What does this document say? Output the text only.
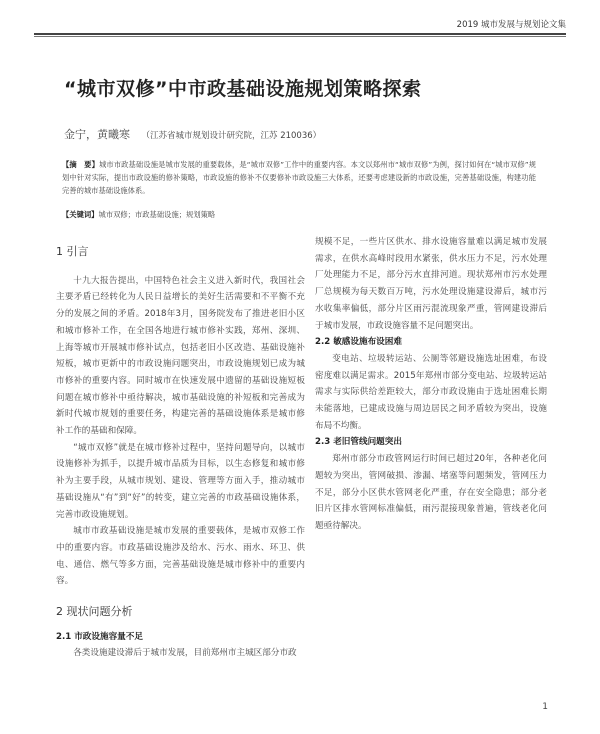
2019 城市发展与规划论文集
“城市双修”中市政基础设施规划策略探索
金宁，黄曦寒 （江苏省城市规划设计研究院，江苏 210036）
【摘　要】城市市政基础设施是城市发展的重要载体，是“城市双修”工作中的重要内容。本文以郑州市“城市双修”为例，探讨如何在“城市双修”规划中针对实际，提出市政设施的修补策略，市政设施的修补不仅要修补市政设施三大体系，还要考虑建设新的市政设施，完善基础设施，构建功能完善的城市基础设施体系。
【关键词】城市双修；市政基础设施；规划策略
1 引言

十九大报告提出，中国特色社会主义进入新时代，我国社会主要矛盾已经转化为人民日益增长的美好生活需要和不平衡不充分的发展之间的矛盾。2018年3月，国务院发布了推进老旧小区和城市修补工作，在全国各地进行城市修补实践，郑州、深圳、上海等城市开展城市修补试点，包括老旧小区改造、基础设施补短板，城市更新中的市政设施问题突出，市政设施规划已成为城市修补的重要内容。同时城市在快速发展中遗留的基础设施短板问题在城市修补中亟待解决，城市基础设施的补短板和完善成为新时代城市规划的重要任务，构建完善的基础设施体系是城市修补工作的基础和保障。

“城市双修”就是在城市修补过程中，坚持问题导向，以城市设施修补为抓手，以提升城市品质为目标，以生态修复和城市修补为主要手段，从城市规划、建设、管理等方面入手，推动城市基础设施从“有”到“好”的转变，建立完善的市政基础设施体系，完善市政设施规划。

城市市政基础设施是城市发展的重要载体，是城市双修工作中的重要内容。市政基础设施涉及给水、污水、雨水、环卫、供电、通信、燃气等多方面，完善基础设施是城市修补中的重要内容。

2 现状问题分析
2.1 市政设施容量不足

各类设施建设滞后于城市发展，目前郑州市主城区部分市政

规模不足，一些片区供水、排水设施容量难以满足城市发展需求，在供水高峰时段用水紧张，供水压力不足，污水处理厂处理能力不足，部分污水直排河道。现状郑州市污水处理厂总规模为每天数百万吨，污水处理设施建设滞后，城市污水收集率偏低，部分片区雨污混流现象严重，管网建设滞后于城市发展，市政设施容量不足问题突出。

2.2 敏感设施布设困难

变电站、垃圾转运站、公厕等邻避设施选址困难，布设密度难以满足需求。2015年郑州市部分变电站、垃圾转运站需求与实际供给差距较大，部分市政设施由于选址困难长期未能落地，已建成设施与周边居民之间矛盾较为突出，设施布局不均衡。

2.3 老旧管线问题突出

郑州市部分市政管网运行时间已超过20年，各种老化问题较为突出，管网破损、渗漏、堵塞等问题频发，管网压力不足，部分小区供水管网老化严重，存在安全隐患；部分老旧片区排水管网标准偏低，雨污混接现象普遍，管线老化问题亟待解决。

1
